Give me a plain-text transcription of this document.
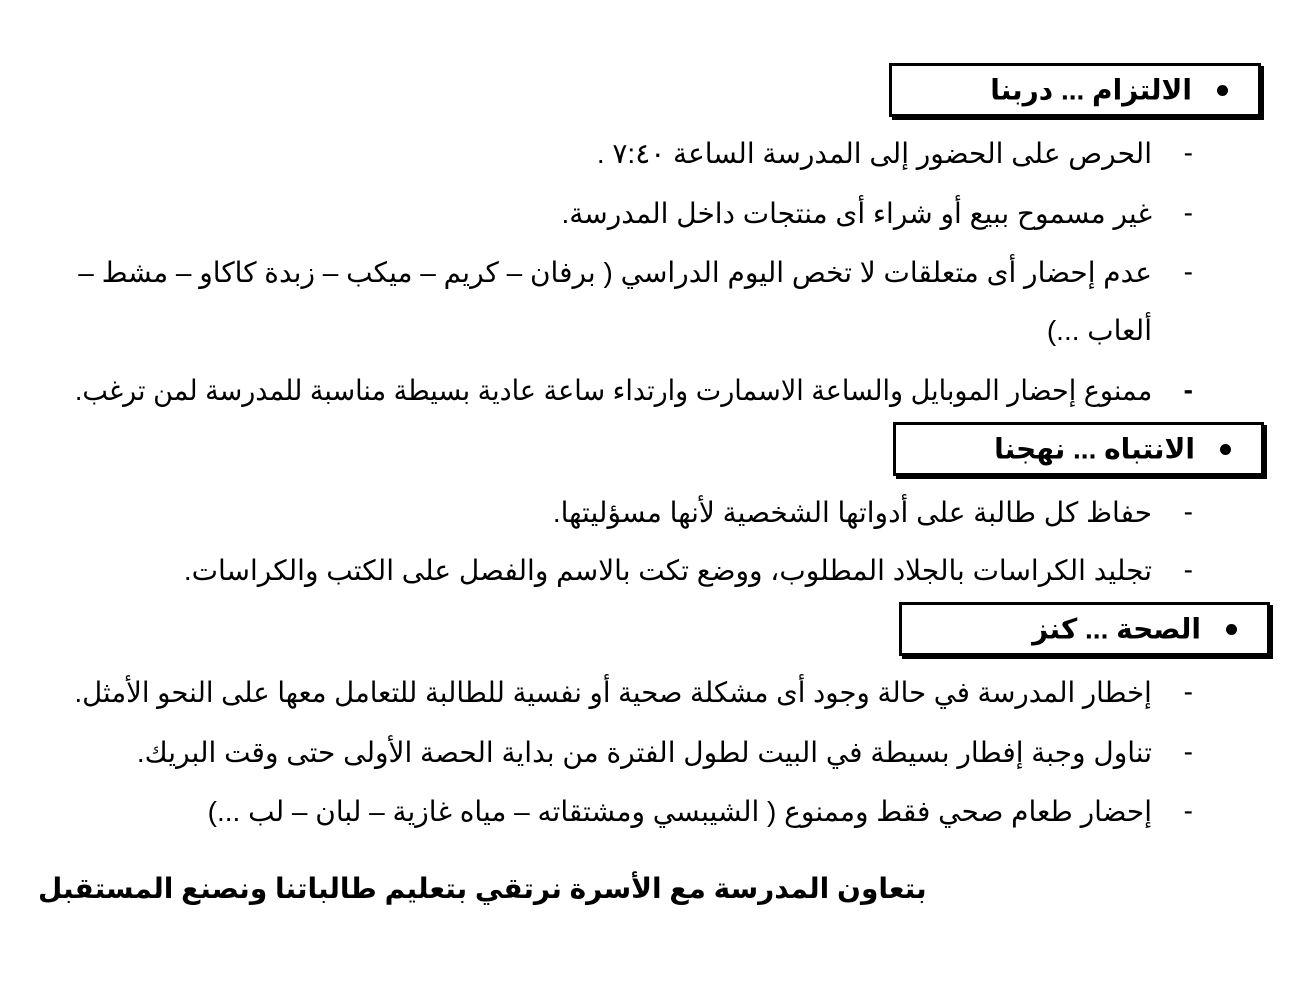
الالتزام ... دربنا
-
الحرص على الحضور إلى المدرسة الساعة ٧:٤٠ .
-
غير مسموح ببيع أو شراء أى منتجات داخل المدرسة.
-
عدم إحضار أى متعلقات لا تخص اليوم الدراسي ( برفان – كريم – ميكب – زبدة كاكاو – مشط –
ألعاب ...)
-
ممنوع إحضار الموبايل والساعة الاسمارت وارتداء ساعة عادية بسيطة مناسبة للمدرسة لمن ترغب.
الانتباه ... نهجنا
-
حفاظ كل طالبة على أدواتها الشخصية لأنها مسؤليتها.
-
تجليد الكراسات بالجلاد المطلوب، ووضع تكت بالاسم والفصل على الكتب والكراسات.
الصحة ... كنز
-
إخطار المدرسة في حالة وجود أى مشكلة صحية أو نفسية للطالبة للتعامل معها على النحو الأمثل.
-
تناول وجبة إفطار بسيطة في البيت لطول الفترة من بداية الحصة الأولى حتى وقت البريك.
-
إحضار طعام صحي فقط وممنوع ( الشيبسي ومشتقاته – مياه غازية – لبان – لب ...)
بتعاون المدرسة مع الأسرة نرتقي بتعليم طالباتنا ونصنع المستقبل
